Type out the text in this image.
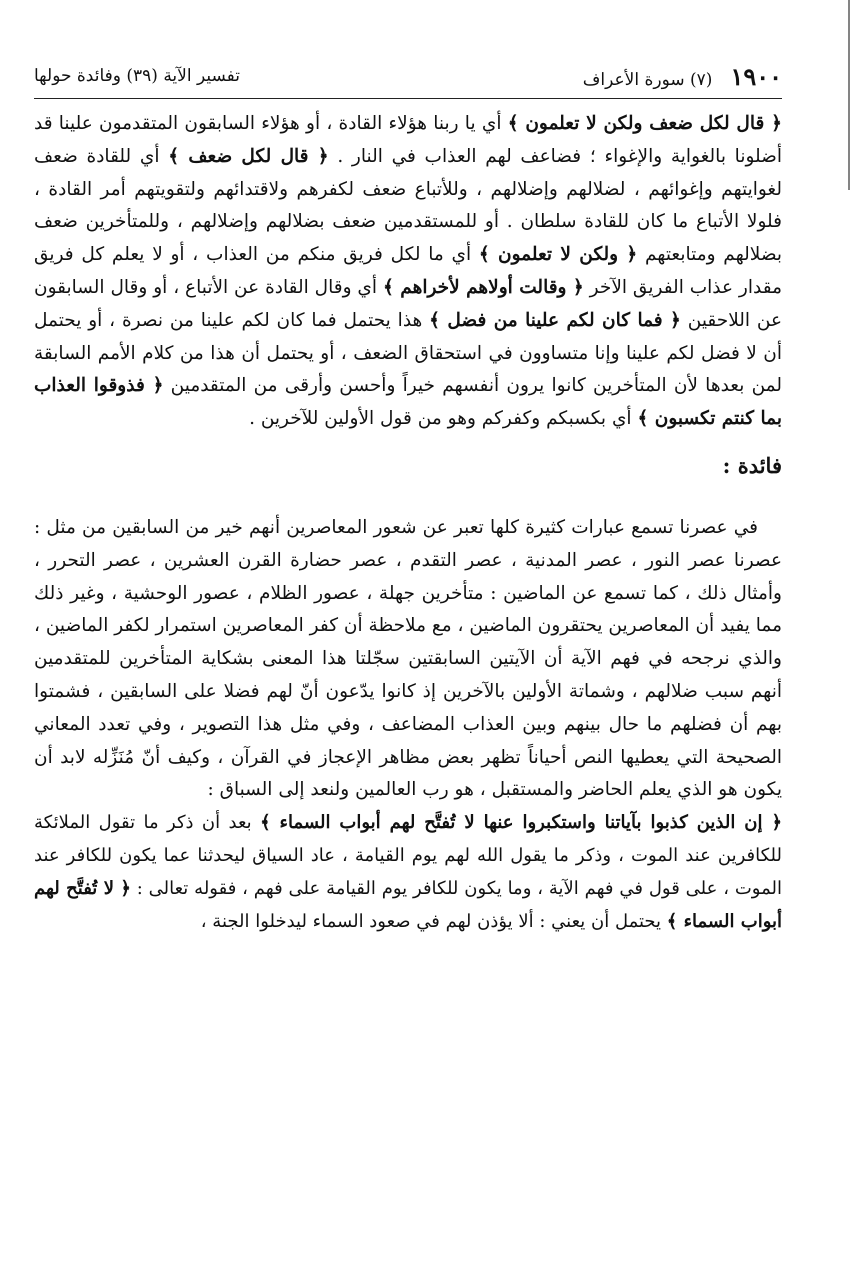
١٩٠٠
(٧) سورة الأعراف
تفسير الآية (٣٩) وفائدة حولها

﴿ قال لكل ضعف ولكن لا تعلمون ﴾ أي يا ربنا هؤلاء القادة ، أو هؤلاء السابقون المتقدمون علينا قد أضلونا بالغواية والإغواء ؛ فضاعف لهم العذاب في النار . ﴿ قال لكل ضعف ﴾ أي للقادة ضعف لغوايتهم وإغوائهم ، لضلالهم وإضلالهم ، وللأتباع ضعف لكفرهم ولاقتدائهم ولتقويتهم أمر القادة ، فلولا الأتباع ما كان للقادة سلطان . أو للمستقدمين ضعف بضلالهم وإضلالهم ، وللمتأخرين ضعف بضلالهم ومتابعتهم ﴿ ولكن لا تعلمون ﴾ أي ما لكل فريق منكم من العذاب ، أو لا يعلم كل فريق مقدار عذاب الفريق الآخر ﴿ وقالت أولاهم لأخراهم ﴾ أي وقال القادة عن الأتباع ، أو وقال السابقون عن اللاحقين ﴿ فما كان لكم علينا من فضل ﴾ هذا يحتمل فما كان لكم علينا من نصرة ، أو يحتمل أن لا فضل لكم علينا وإنا متساوون في استحقاق الضعف ، أو يحتمل أن هذا من كلام الأمم السابقة لمن بعدها لأن المتأخرين كانوا يرون أنفسهم خيراً وأحسن وأرقى من المتقدمين ﴿ فذوقوا العذاب بما كنتم تكسبون ﴾ أي بكسبكم وكفركم وهو من قول الأولين للآخرين .

فائدة :

في عصرنا تسمع عبارات كثيرة كلها تعبر عن شعور المعاصرين أنهم خير من السابقين من مثل : عصرنا عصر النور ، عصر المدنية ، عصر التقدم ، عصر حضارة القرن العشرين ، عصر التحرر ، وأمثال ذلك ، كما تسمع عن الماضين : متأخرين جهلة ، عصور الظلام ، عصور الوحشية ، وغير ذلك مما يفيد أن المعاصرين يحتقرون الماضين ، مع ملاحظة أن كفر المعاصرين استمرار لكفر الماضين ، والذي نرجحه في فهم الآية أن الآيتين السابقتين سجّلتا هذا المعنى بشكاية المتأخرين للمتقدمين أنهم سبب ضلالهم ، وشماتة الأولين بالآخرين إذ كانوا يدّعون أنّ لهم فضلا على السابقين ، فشمتوا بهم أن فضلهم ما حال بينهم وبين العذاب المضاعف ، وفي مثل هذا التصوير ، وفي تعدد المعاني الصحيحة التي يعطيها النص أحياناً تظهر بعض مظاهر الإعجاز في القرآن ، وكيف أنّ مُنَزِّله لابد أن يكون هو الذي يعلم الحاضر والمستقبل ، هو رب العالمين ولنعد إلى السباق :

﴿ إن الذين كذبوا بآياتنا واستكبروا عنها لا تُفتَّح لهم أبواب السماء ﴾ بعد أن ذكر ما تقول الملائكة للكافرين عند الموت ، وذكر ما يقول الله لهم يوم القيامة ، عاد السياق ليحدثنا عما يكون للكافر عند الموت ، على قول في فهم الآية ، وما يكون للكافر يوم القيامة على فهم ، فقوله تعالى : ﴿ لا تُفتَّح لهم أبواب السماء ﴾ يحتمل أن يعني : ألا يؤذن لهم في صعود السماء ليدخلوا الجنة ،
